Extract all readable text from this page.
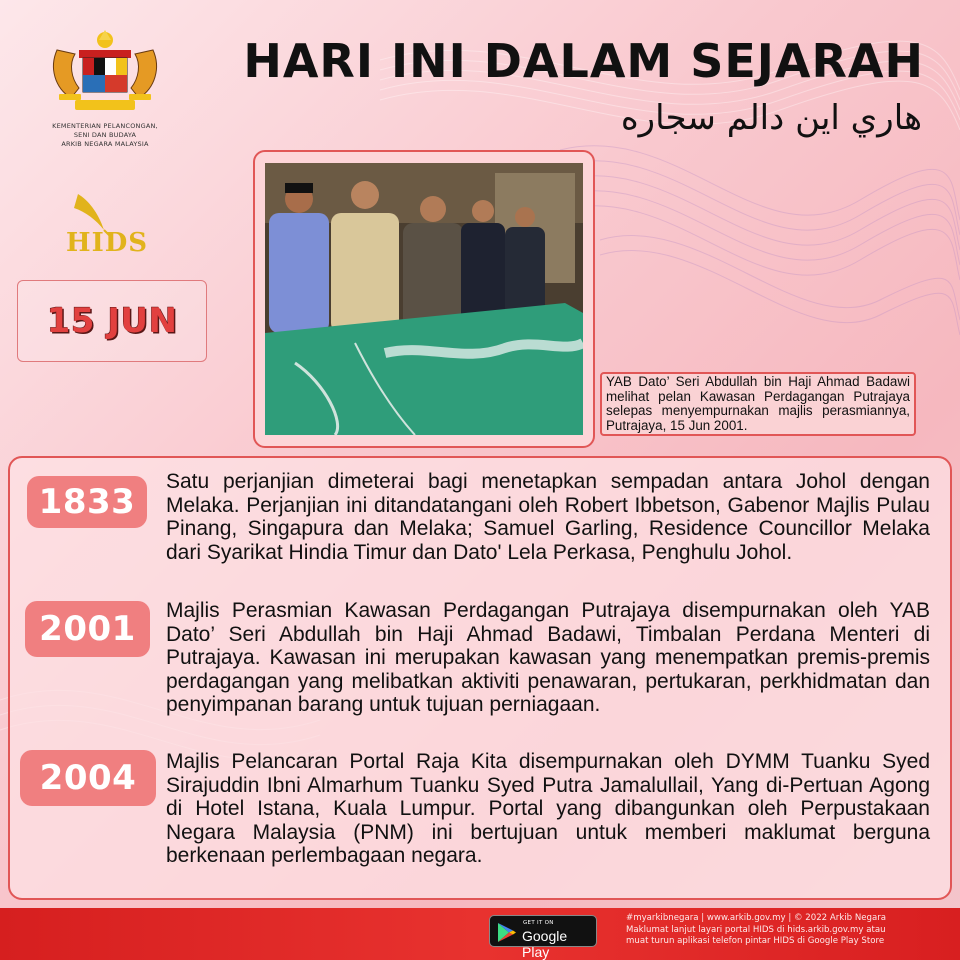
KEMENTERIAN PELANCONGAN,
SENI DAN BUDAYA
ARKIB NEGARA MALAYSIA
HIDS
15 JUN
HARI INI DALAM SEJARAH
هاري اين دالم سجاره
YAB Dato’ Seri Abdullah bin Haji Ahmad Badawi melihat pelan Kawasan Perdagangan Putrajaya selepas menyempurnakan majlis perasmiannya, Putrajaya, 15 Jun 2001.
1833
Satu perjanjian dimeterai bagi menetapkan sempadan antara Johol dengan Melaka. Perjanjian ini ditandatangani oleh Robert Ibbetson, Gabenor Majlis Pulau Pinang, Singapura dan Melaka; Samuel Garling, Residence Councillor Melaka dari Syarikat Hindia Timur dan Dato' Lela Perkasa, Penghulu Johol.
2001	Majlis Perasmian Kawasan Perdagangan Putrajaya disempurnakan oleh YAB Dato’ Seri Abdullah bin Haji Ahmad Badawi, Timbalan Perdana Menteri di Putrajaya. Kawasan ini merupakan kawasan yang menempatkan premis-premis perdagangan yang melibatkan aktiviti penawaran, pertukaran, perkhidmatan dan penyimpanan barang untuk tujuan perniagaan.
2004	Majlis Pelancaran Portal Raja Kita disempurnakan oleh DYMM Tuanku Syed Sirajuddin Ibni Almarhum Tuanku Syed Putra Jamalullail, Yang di-Pertuan Agong di Hotel Istana, Kuala Lumpur. Portal yang dibangunkan oleh Perpustakaan Negara Malaysia (PNM) ini bertujuan untuk memberi maklumat berguna berkenaan perlembagaan negara.
GET IT ON
Google Play
#myarkibnegara | www.arkib.gov.my | © 2022 Arkib Negara
Maklumat lanjut layari portal HIDS di hids.arkib.gov.my atau
muat turun aplikasi telefon pintar HIDS di Google Play Store
